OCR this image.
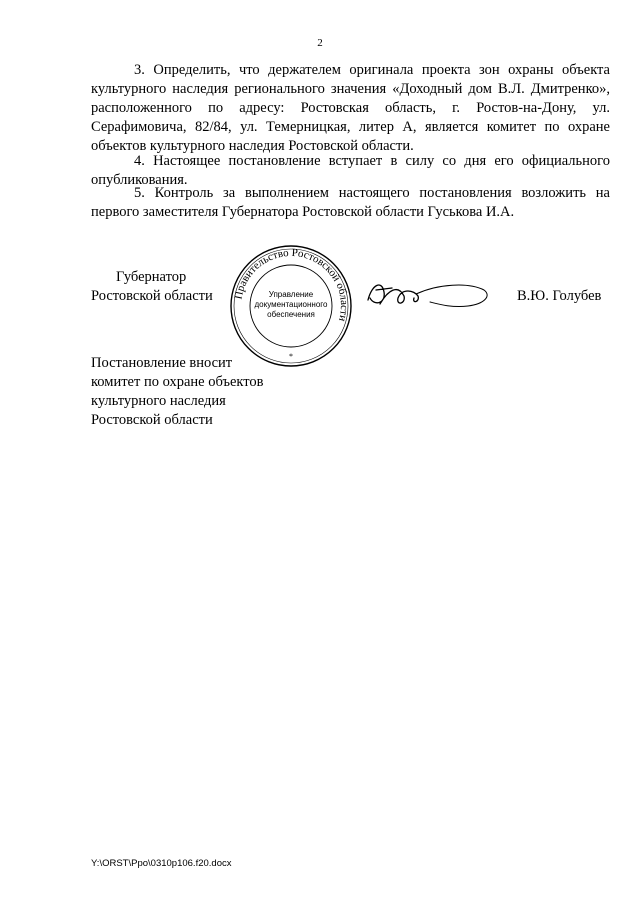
2

3. Определить, что держателем оригинала проекта зон охраны объекта культурного наследия регионального значения «Доходный дом В.Л. Дмитренко», расположенного по адресу: Ростовская область, г. Ростов-на-Дону, ул. Серафимовича, 82/84, ул. Темерницкая, литер А, является комитет по охране объектов культурного наследия Ростовской области.

4. Настоящее постановление вступает в силу со дня его официального опубликования.

5. Контроль за выполнением настоящего постановления возложить на первого заместителя Губернатора Ростовской области Гуськова И.А.

Губернатор
Ростовской области	Правительство Ростовской области
Управление
документационного
обеспечения
*
В.Ю. Голубев
Постановление вносит
комитет по охране объектов
культурного наследия
Ростовской области
Y:\ORST\Ppo\0310p106.f20.docx
